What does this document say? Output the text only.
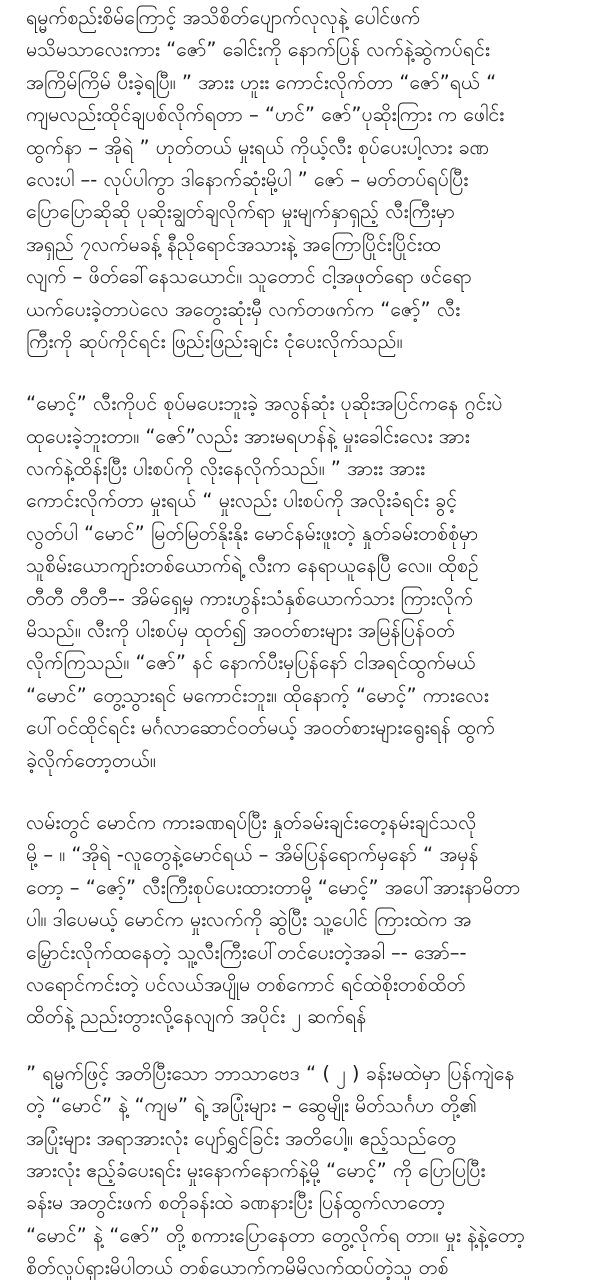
ရမ္မက်စည်းစိမ်ကြောင့် အသိစိတ်ပျောက်လုလုနဲ့ ပေါင်ဖက်
မသိမသာလေးကား “ဇော်” ခေါင်းကို နောက်ပြန် လက်နဲ့ဆွဲကပ်ရင်း
အကြိမ်ကြိမ် ပီးခဲ့ရပြီ။ ” အားး ဟူးး ကောင်းလိုက်တာ “ဇော်”ရယ် “
ကျမလည်းထိုင်ချပစ်လိုက်ရတာ – “ဟင်” ဇော်”ပုဆိုးကြား က ဖေါင်း
ထွက်နာ – အိုရဲ ” ဟုတ်တယ် မှုးရယ် ကိုယ့်လီး စုပ်ပေးပါ့လား ခဏ
လေးပါ –- လုပ်ပါကွာ ဒါနောက်ဆုံးမို့ပါ ” ဇော် – မတ်တပ်ရပ်ပြီး
ပြောပြောဆိုဆို ပုဆိုးချွတ်ချလိုက်ရာ မှုးမျက်နှာရှည့် လီးကြီးမှာ
အရှည် ၇လက်မခန့် နီညိုရောင်အသားနဲ့ အကြောပြိုင်းပြိုင်းထ
လျက် – ဖိတ်ခေါ်နေသယောင်။ သူတောင် ငါ့အဖုတ်ရော ဖင်ရော
ယက်ပေးခဲ့တာပဲလေ အတွေးဆုံးမှီ လက်တဖက်က “ဇော့်” လီး
ကြီးကို ဆုပ်ကိုင်ရင်း ဖြည်းဖြည်းချင်း ငုံပေးလိုက်သည်။
“မောင့်” လီးကိုပင် စုပ်မပေးဘူးခဲ့ အလွန်ဆုံး ပုဆိုးအပြင်ကနေ ဂွင်းပဲ
ထုပေးခဲ့ဘူးတာ။ “ဇော်”လည်း အားမရဟန်နဲ့ မှုးခေါင်းလေး အား
လက်နဲ့ထိန်းပြီး ပါးစပ်ကို လိုးနေလိုက်သည်။ ” အားး အားး
ကောင်းလိုက်တာ မှုးရယ် “ မှုးလည်း ပါးစပ်ကို အလိုးခံရင်း ခွင့်
လွတ်ပါ “မောင်” မြတ်မြတ်နိုးနိုး မောင်နမ်းဖူးတဲ့ နှုတ်ခမ်းတစ်စုံမှာ
သူစိမ်းယောကျာ်းတစ်ယောက်ရဲ့ လီးက နေရာယူနေပြီ လေ။ ထိုစဉ်
တီတီ တီတီ–- အိမ်ရှေ့မှ ကားဟွန်းသံနှစ်ယောက်သား ကြားလိုက်
မိသည်။ လီးကို ပါးစပ်မှ ထုတ်၍ အဝတ်စားများ အမြန်ပြန်ဝတ်
လိုက်ကြသည်။ “ဇော်” နင် နောက်ပီးမှပြန်နော် ငါအရင်ထွက်မယ်
“မောင်” တွေ့သွားရင် မကောင်းဘူး။ ထိုနောက့် “မောင့်” ကားလေး
ပေါ်ဝင်ထိုင်ရင်း မင်္ဂလာဆောင်ဝတ်မယ့် အဝတ်စားများရွေးရန် ထွက်
ခဲ့လိုက်တော့တယ်။
လမ်းတွင် မောင်က ကားခဏရပ်ပြီး နှုတ်ခမ်းချင်းတေ့နမ်းချင်သလို
မို့ – ။ “အိုရဲ -လူတွေနဲ့မောင်ရယ် – အိမ်ပြန်ရောက်မှနော် “ အမှန်
တော့ – “ဇော့်” လီးကြီးစုပ်ပေးထားတာမို့ “မောင့်” အပေါ်အားနာမိတာ
ပါ။ ဒါပေမယ့် မောင်က မှုးလက်ကို ဆွဲပြီး သူ့ပေါင် ကြားထဲက အ
မြှောင်းလိုက်ထနေတဲ့ သူ့လီးကြီးပေါ်တင်ပေးတဲ့အခါ –- အော်–-
လရောင်ကင်းတဲ့ ပင်လယ်အပျိုမ တစ်ကောင် ရင်ထဲစိုးတစ်ထိတ်
ထိတ်နဲ့ ညည်းတွားလို့နေလျက် အပိုင်း ၂ ဆက်ရန်
” ရမ္မက်ဖြင့် အတိပြီးသော ဘာသာဗေဒ “ ( ၂ ) ခန်းမထဲမှာ ပြန်ကျဲနေ
တဲ့ “မောင်” နဲ့ “ကျမ” ရဲ့ အပြုံးများ – ဆွေမျိုး မိတ်သင်္ဂဟ တို့၏
အပြုံးများ အရာအားလုံး ပျော်ရွှင်ခြင်း အတိပေါ့။ ဧည့်သည်တွေ
အားလုံး ဧည့်ခံပေးရင်း မှုးနောက်နောက်နဲ့မို့ “မောင့်” ကို ပြောပြပြီး
ခန်းမ အတွင်းဖက် စတိုခန်းထဲ ခဏနားပြီး ပြန်ထွက်လာတော့
“မောင်” နဲ့ “ဇော်” တို့ စကားပြောနေတာ တွေ့လိုက်ရ တာ။ မှုး နဲ့နဲ့တော့
စိတ်လှုပ်ရှားမိပါတယ် တစ်ယောက်ကမိမိလက်ထပ်တဲ့သူ တစ်
